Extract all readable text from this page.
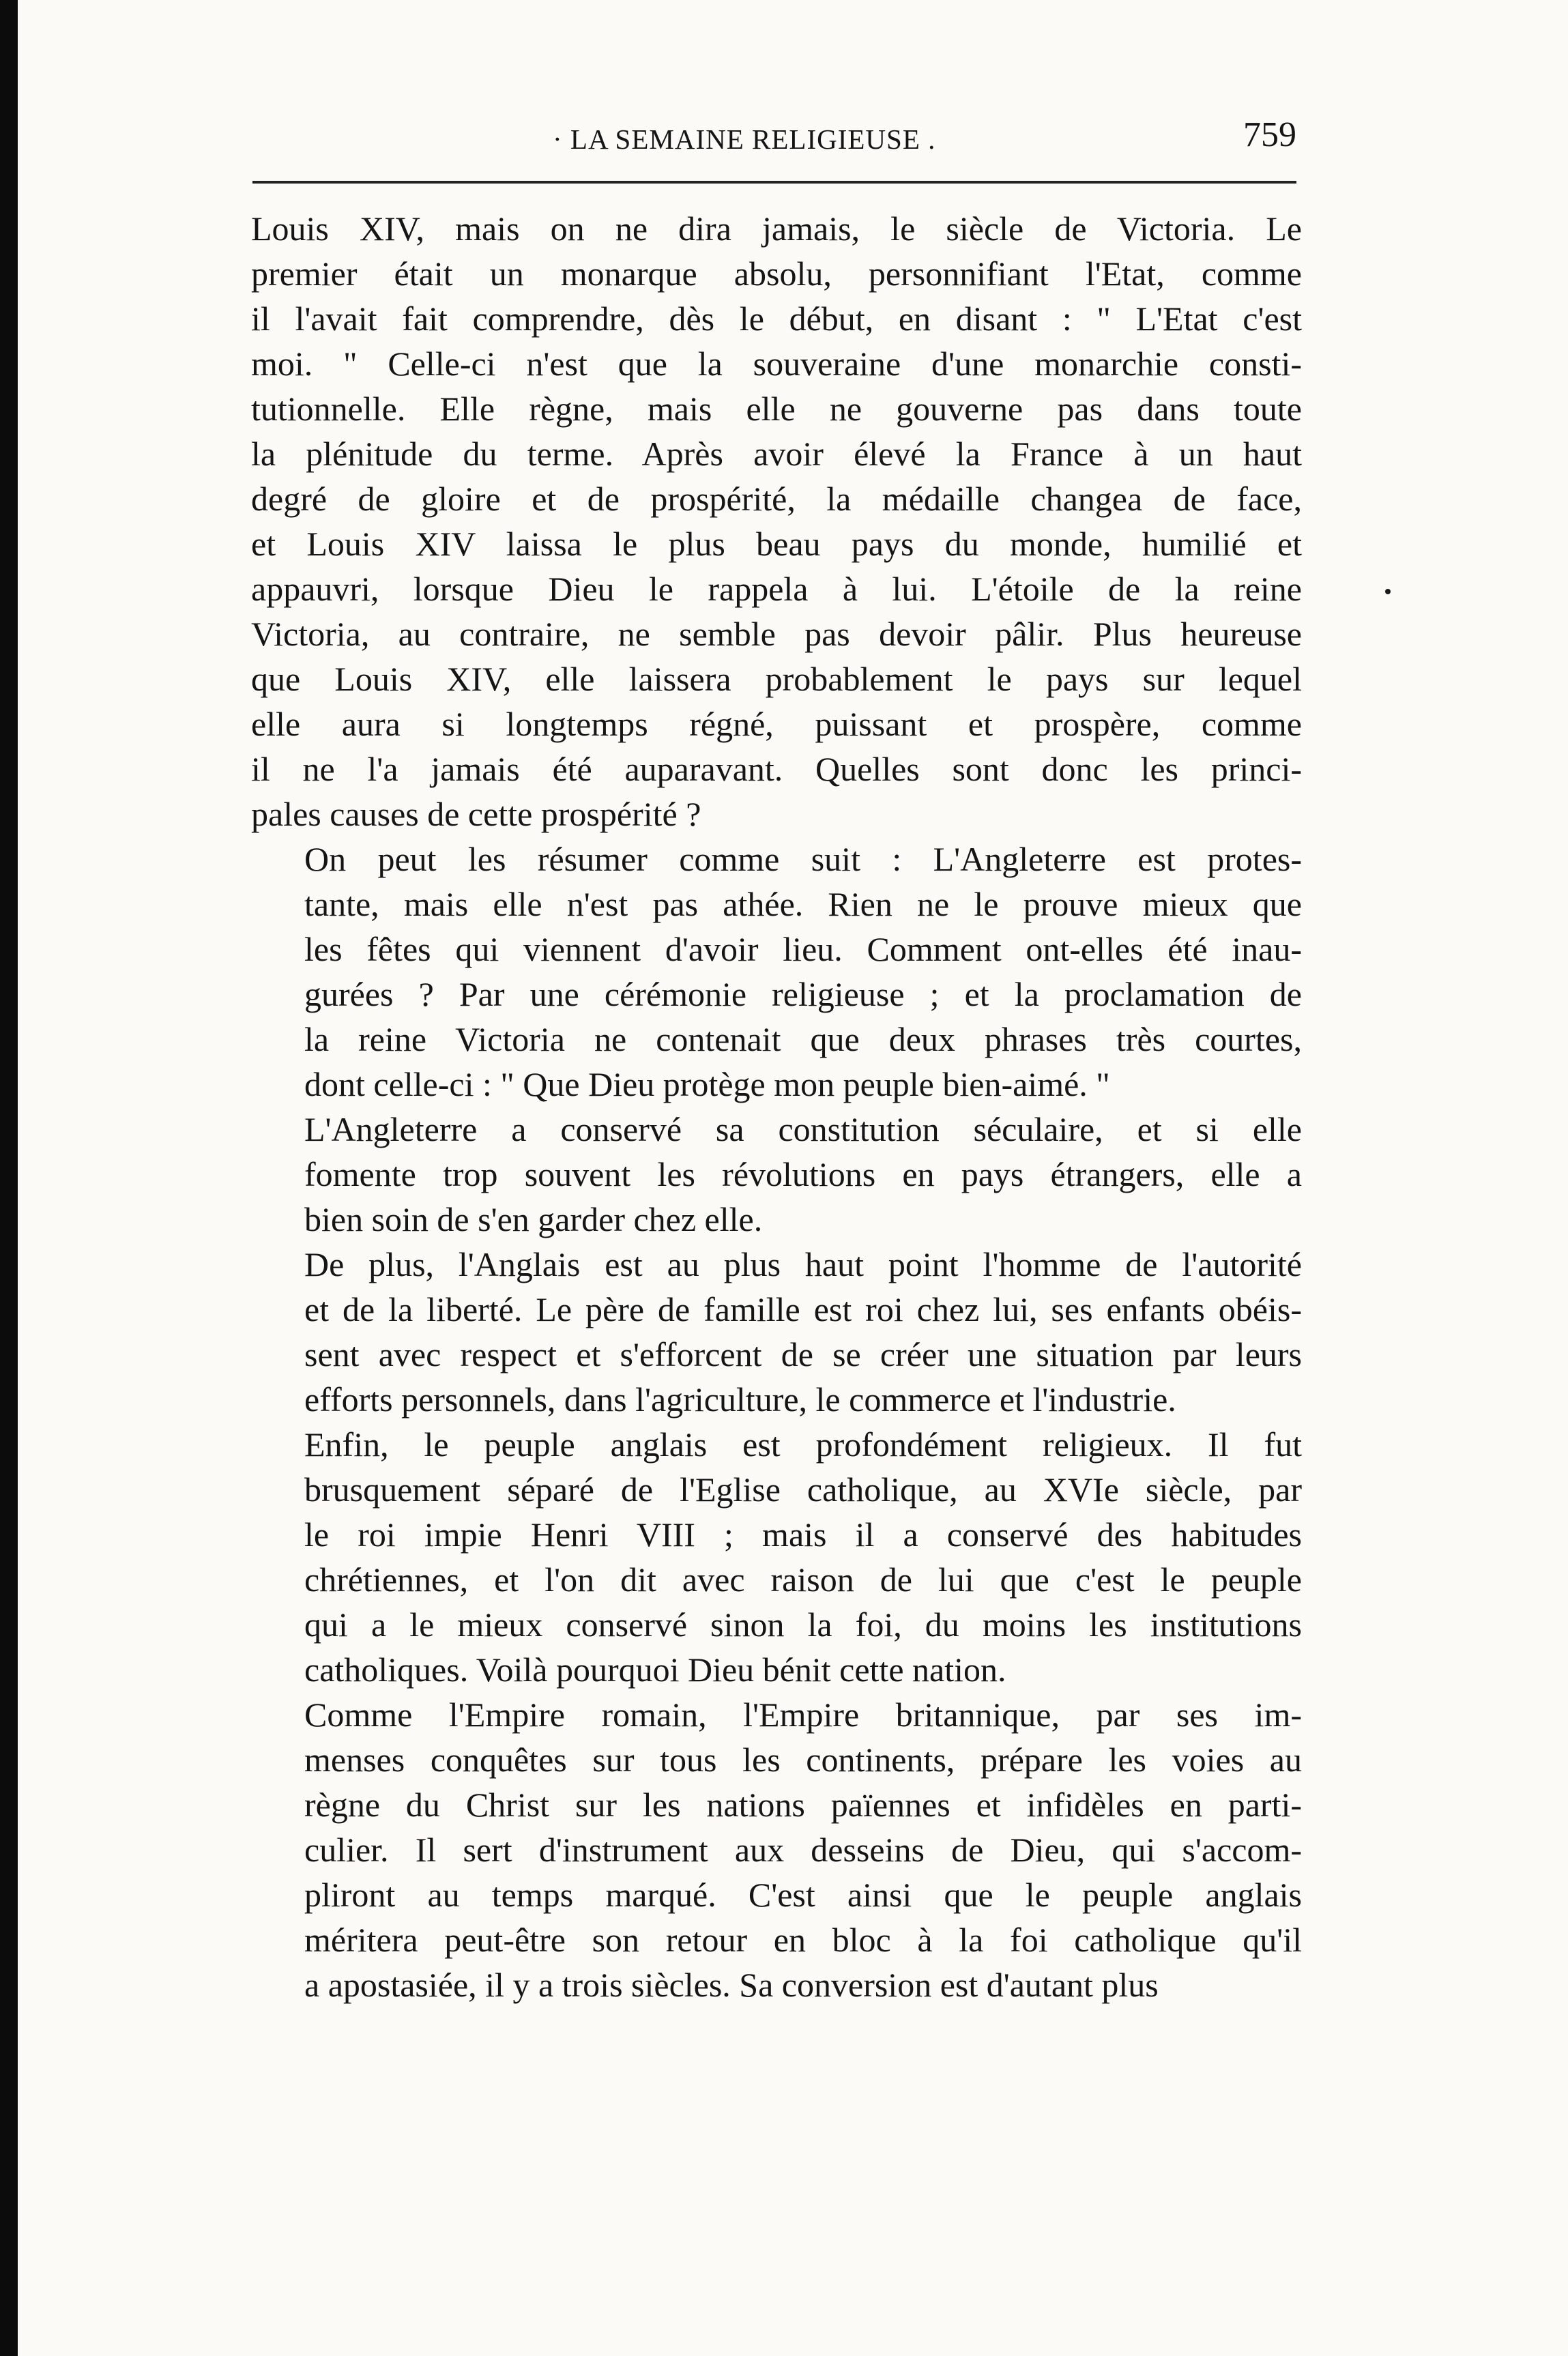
· LA SEMAINE RELIGIEUSE .	759
Louis XIV, mais on ne dira jamais, le siècle de Victoria. Le
premier était un monarque absolu, personnifiant l'Etat, comme
il l'avait fait comprendre, dès le début, en disant : " L'Etat c'est
moi. " Celle-ci n'est que la souveraine d'une monarchie consti-
tutionnelle. Elle règne, mais elle ne gouverne pas dans toute
la plénitude du terme. Après avoir élevé la France à un haut
degré de gloire et de prospérité, la médaille changea de face,
et Louis XIV laissa le plus beau pays du monde, humilié et
appauvri, lorsque Dieu le rappela à lui. L'étoile de la reine
Victoria, au contraire, ne semble pas devoir pâlir. Plus heureuse
que Louis XIV, elle laissera probablement le pays sur lequel
elle aura si longtemps régné, puissant et prospère, comme
il ne l'a jamais été auparavant. Quelles sont donc les princi-
pales causes de cette prospérité ?
On peut les résumer comme suit : L'Angleterre est protes-
tante, mais elle n'est pas athée. Rien ne le prouve mieux que
les fêtes qui viennent d'avoir lieu. Comment ont-elles été inau-
gurées ? Par une cérémonie religieuse ; et la proclamation de
la reine Victoria ne contenait que deux phrases très courtes,
dont celle-ci : " Que Dieu protège mon peuple bien-aimé. "
L'Angleterre a conservé sa constitution séculaire, et si elle
fomente trop souvent les révolutions en pays étrangers, elle a
bien soin de s'en garder chez elle.
De plus, l'Anglais est au plus haut point l'homme de l'autorité
et de la liberté. Le père de famille est roi chez lui, ses enfants obéis-
sent avec respect et s'efforcent de se créer une situation par leurs
efforts personnels, dans l'agriculture, le commerce et l'industrie.
Enfin, le peuple anglais est profondément religieux. Il fut
brusquement séparé de l'Eglise catholique, au XVIe siècle, par
le roi impie Henri VIII ; mais il a conservé des habitudes
chrétiennes, et l'on dit avec raison de lui que c'est le peuple
qui a le mieux conservé sinon la foi, du moins les institutions
catholiques. Voilà pourquoi Dieu bénit cette nation.
Comme l'Empire romain, l'Empire britannique, par ses im-
menses conquêtes sur tous les continents, prépare les voies au
règne du Christ sur les nations païennes et infidèles en parti-
culier. Il sert d'instrument aux desseins de Dieu, qui s'accom-
pliront au temps marqué. C'est ainsi que le peuple anglais
méritera peut-être son retour en bloc à la foi catholique qu'il
a apostasiée, il y a trois siècles. Sa conversion est d'autant plus
